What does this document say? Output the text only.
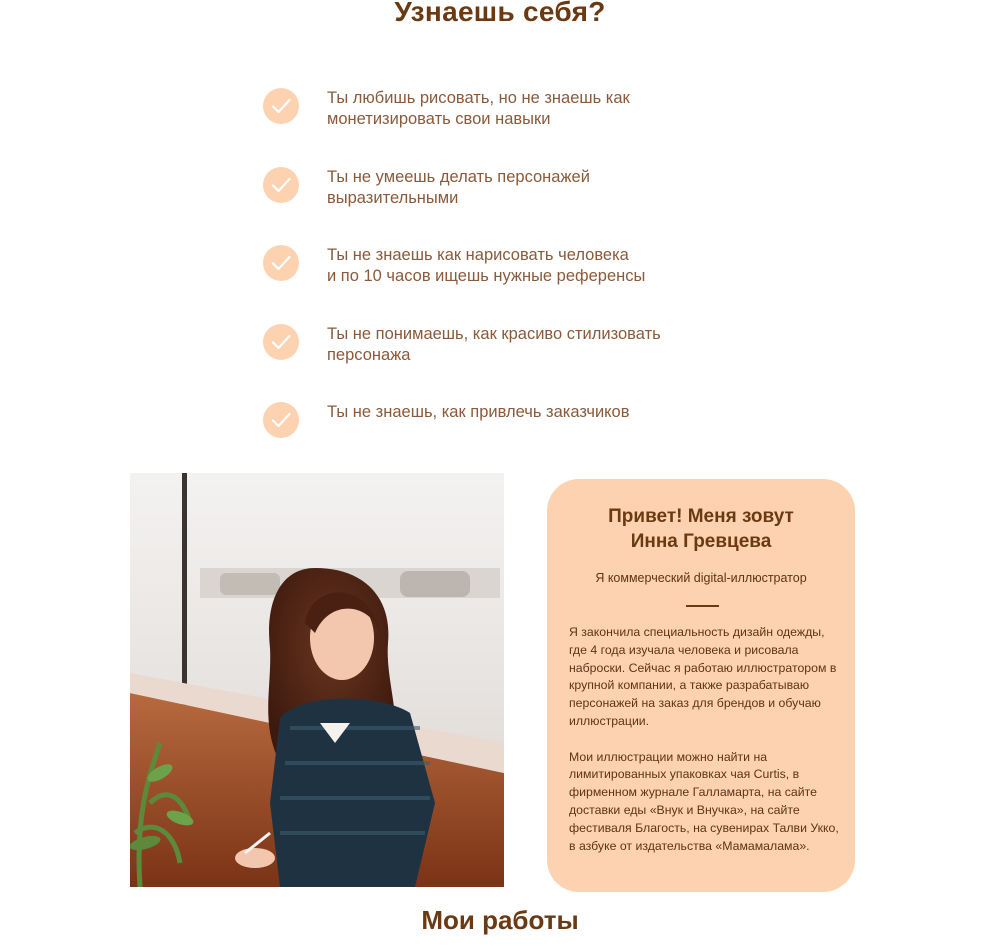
Узнаешь себя?
Ты любишь рисовать, но не знаешь как
монетизировать свои навыки
Ты не умеешь делать персонажей
выразительными
Ты не знаешь как нарисовать человека
и по 10 часов ищешь нужные референсы
Ты не понимаешь, как красиво стилизовать
персонажа
Ты не знаешь, как привлечь заказчиков
Привет! Меня зовут
Инна Гревцева
Я коммерческий digital-иллюстратор
Я закончила специальность дизайн одежды, где 4 года изучала человека и рисовала наброски. Сейчас я работаю иллюстратором в крупной компании, а также разрабатываю персонажей на заказ для брендов и обучаю иллюстрации.

Мои иллюстрации можно найти на лимитированных упаковках чая Curtis, в фирменном журнале Галламарта, на сайте доставки еды «Внук и Внучка», на сайте фестиваля Благость, на сувенирах Талви Укко, в азбуке от издательства «Мамамалама».
Мои работы
